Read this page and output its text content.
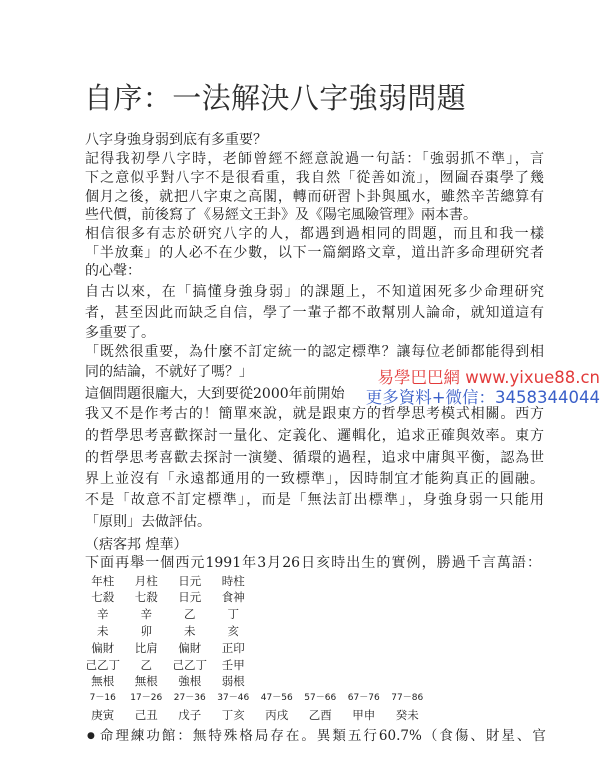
自序：一法解決八字強弱問題
八字身強身弱到底有多重要？
記得我初學八字時，老師曾經不經意說過一句話：「強弱抓不準」，言
下之意似乎對八字不是很看重，我自然「從善如流」，囫圇吞棗學了幾
個月之後，就把八字東之高閣，轉而研習卜卦與風水，雖然辛苦總算有
些代價，前後寫了《易經文王卦》及《陽宅風險管理》兩本書。
相信很多有志於研究八字的人，都遇到過相同的問題，而且和我一樣
「半放棄」的人必不在少數，以下一篇網路文章，道出許多命理研究者
的心聲：
自古以來，在「搞懂身強身弱」的課題上，不知道困死多少命理研究
者，甚至因此而缺乏自信，學了一輩子都不敢幫別人論命，就知道這有
多重要了。
「既然很重要，為什麼不訂定統一的認定標準？讓每位老師都能得到相
同的結論，不就好了嗎？」
這個問題很龐大，大到要從2000年前開始
我又不是作考古的！簡單來說，就是跟東方的哲學思考模式相關。西方
的哲學思考喜歡探討一量化、定義化、邏輯化，追求正確與效率。東方
的哲學思考喜歡去探討一演變、循環的過程，追求中庸與平衡，認為世
界上並沒有「永遠都通用的一致標準」，因時制宜才能夠真正的圓融。
不是「故意不訂定標準」，而是「無法訂出標準」，身強身弱一只能用
「原則」去做評估。
（痞客邦 煌華）
下面再舉一個西元1991年3月26日亥時出生的實例，勝過千言萬語：
年柱	月柱	日元	時柱
七殺	七殺	日元	食神
辛	辛	乙	丁
未	卯	未	亥
偏財	比肩	偏財	正印
己乙丁	乙	己乙丁	壬甲
無根	無根	強根	弱根
7－16	17－26	27－36	37－46	47－56	57－66	67－76	77－86
庚寅	己丑	戊子	丁亥	丙戌	乙酉	甲申	癸未
● 命理練功館：無特殊格局存在。異類五行60.7%（食傷、財星、官
易學巴巴網 www.yixue88.cn
更多資料+微信：3458344044
